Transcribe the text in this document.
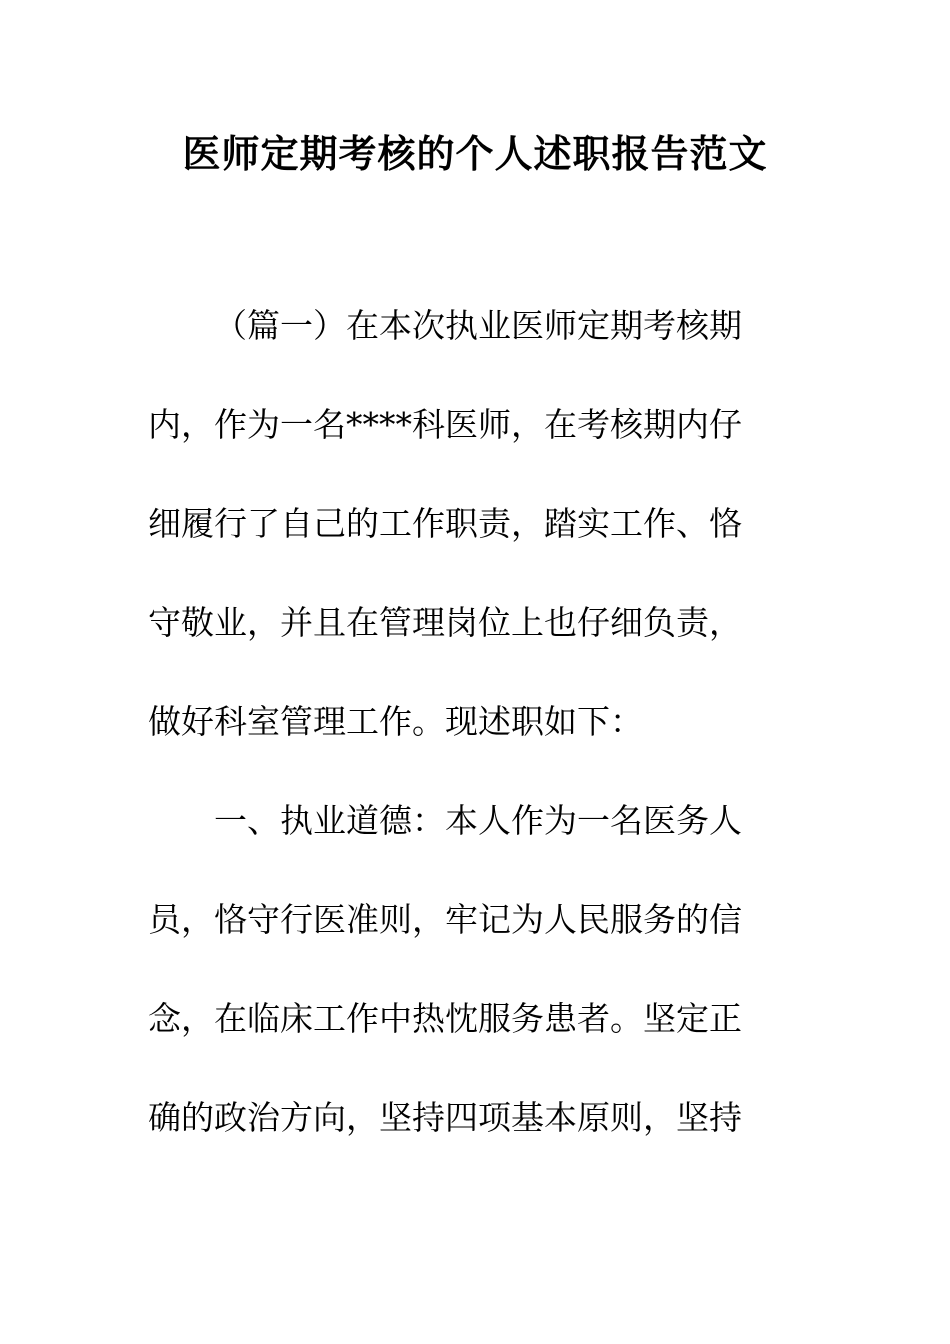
医师定期考核的个人述职报告范文
（篇一）在本次执业医师定期考核期
内，作为一名****科医师，在考核期内仔
细履行了自己的工作职责，踏实工作、恪
守敬业，并且在管理岗位上也仔细负责，
做好科室管理工作。现述职如下：
一、执业道德：本人作为一名医务人
员，恪守行医准则，牢记为人民服务的信
念，在临床工作中热忱服务患者。坚定正
确的政治方向，坚持四项基本原则，坚持
